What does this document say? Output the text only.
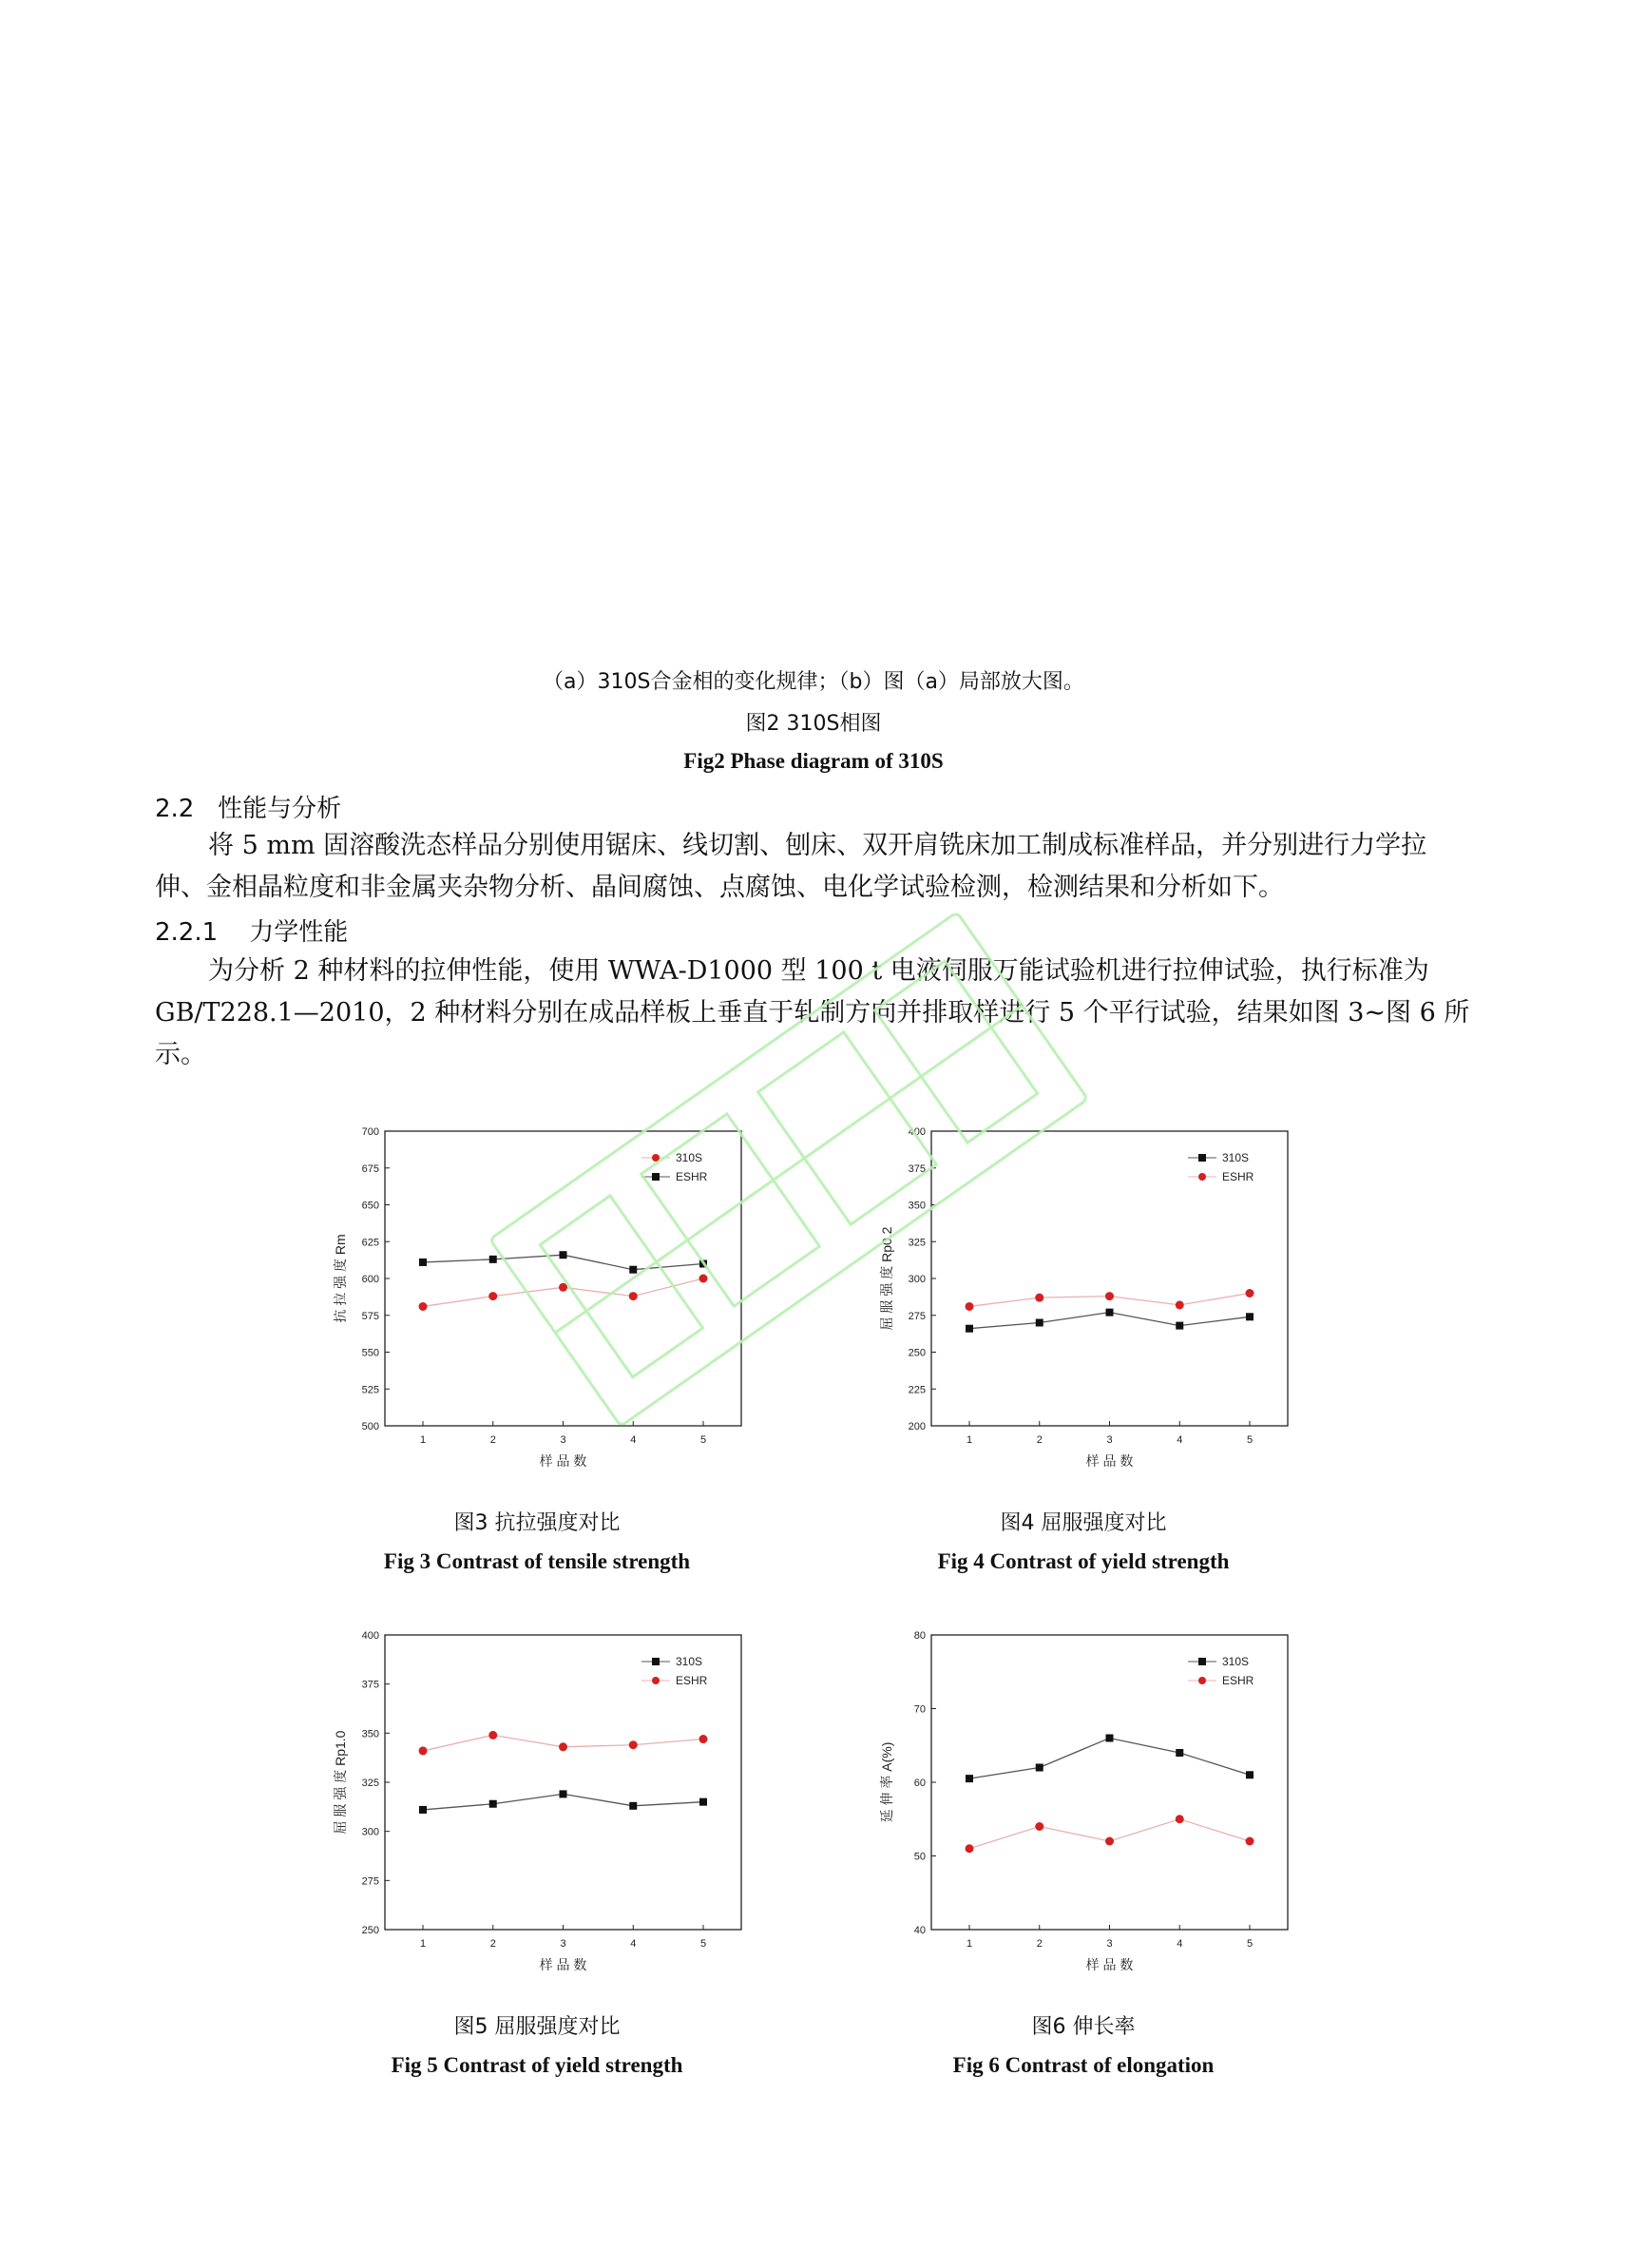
（a）310S合金相的变化规律；（b）图（a）局部放大图。
图2 310S相图
Fig2 Phase diagram of 310S
2.2 性能与分析
将 5 mm 固溶酸洗态样品分别使用锯床、线切割、刨床、双开肩铣床加工制成标准样品，并分别进行力学拉伸、金相晶粒度和非金属夹杂物分析、晶间腐蚀、点腐蚀、电化学试验检测，检测结果和分析如下。
2.2.1 力学性能
为分析 2 种材料的拉伸性能，使用 WWA-D1000 型 100 t 电液伺服万能试验机进行拉伸试验，执行标准为 GB/T228.1—2010，2 种材料分别在成品样板上垂直于轧制方向并排取样进行 5 个平行试验，结果如图 3~图 6 所示。
500
525
550
575
600
625
650
675
700
1	2	3	4	5
样 品 数
抗 拉 强 度 Rm
310S
ESHR
200
225
250
275
300
325
350
375
400
1	2	3	4	5
样 品 数
屈 服 强 度 Rp0.2
310S
ESHR
250
275
300
325
350
375
400
1	2	3	4	5
样 品 数
屈 服 强 度 Rp1.0
310S
ESHR
40
50
60
70
80
1	2	3	4	5
样 品 数
延 伸 率 A(%)
310S
ESHR
图3 抗拉强度对比
Fig 3 Contrast of tensile strength
图4 屈服强度对比
Fig 4 Contrast of yield strength
图5 屈服强度对比
Fig 5 Contrast of yield strength
图6 伸长率
Fig 6 Contrast of elongation
